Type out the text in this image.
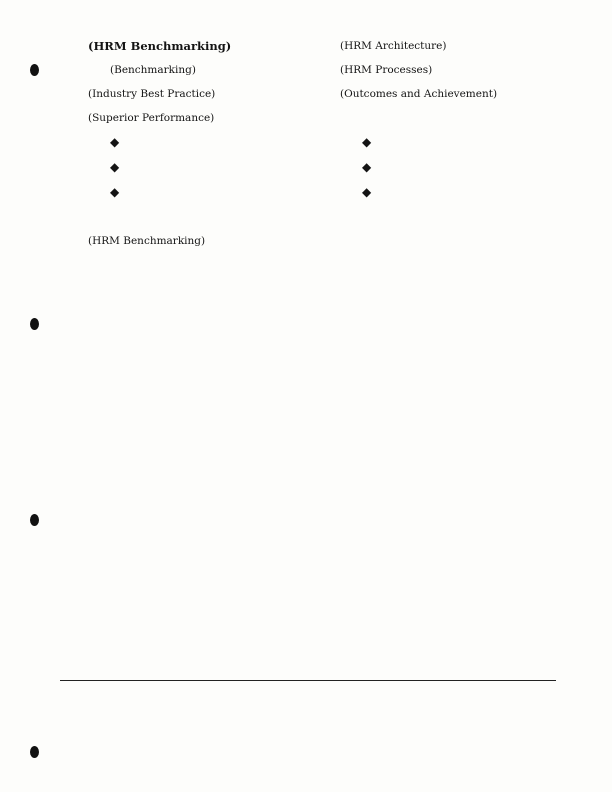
(HRM Benchmarking)

(Benchmarking)

(Industry Best Practice)

(Superior Performance)

◆

◆

◆

(HRM Benchmarking)

(HRM Architecture)

(HRM Processes)

(Outcomes and Achievement)

◆

◆

◆
